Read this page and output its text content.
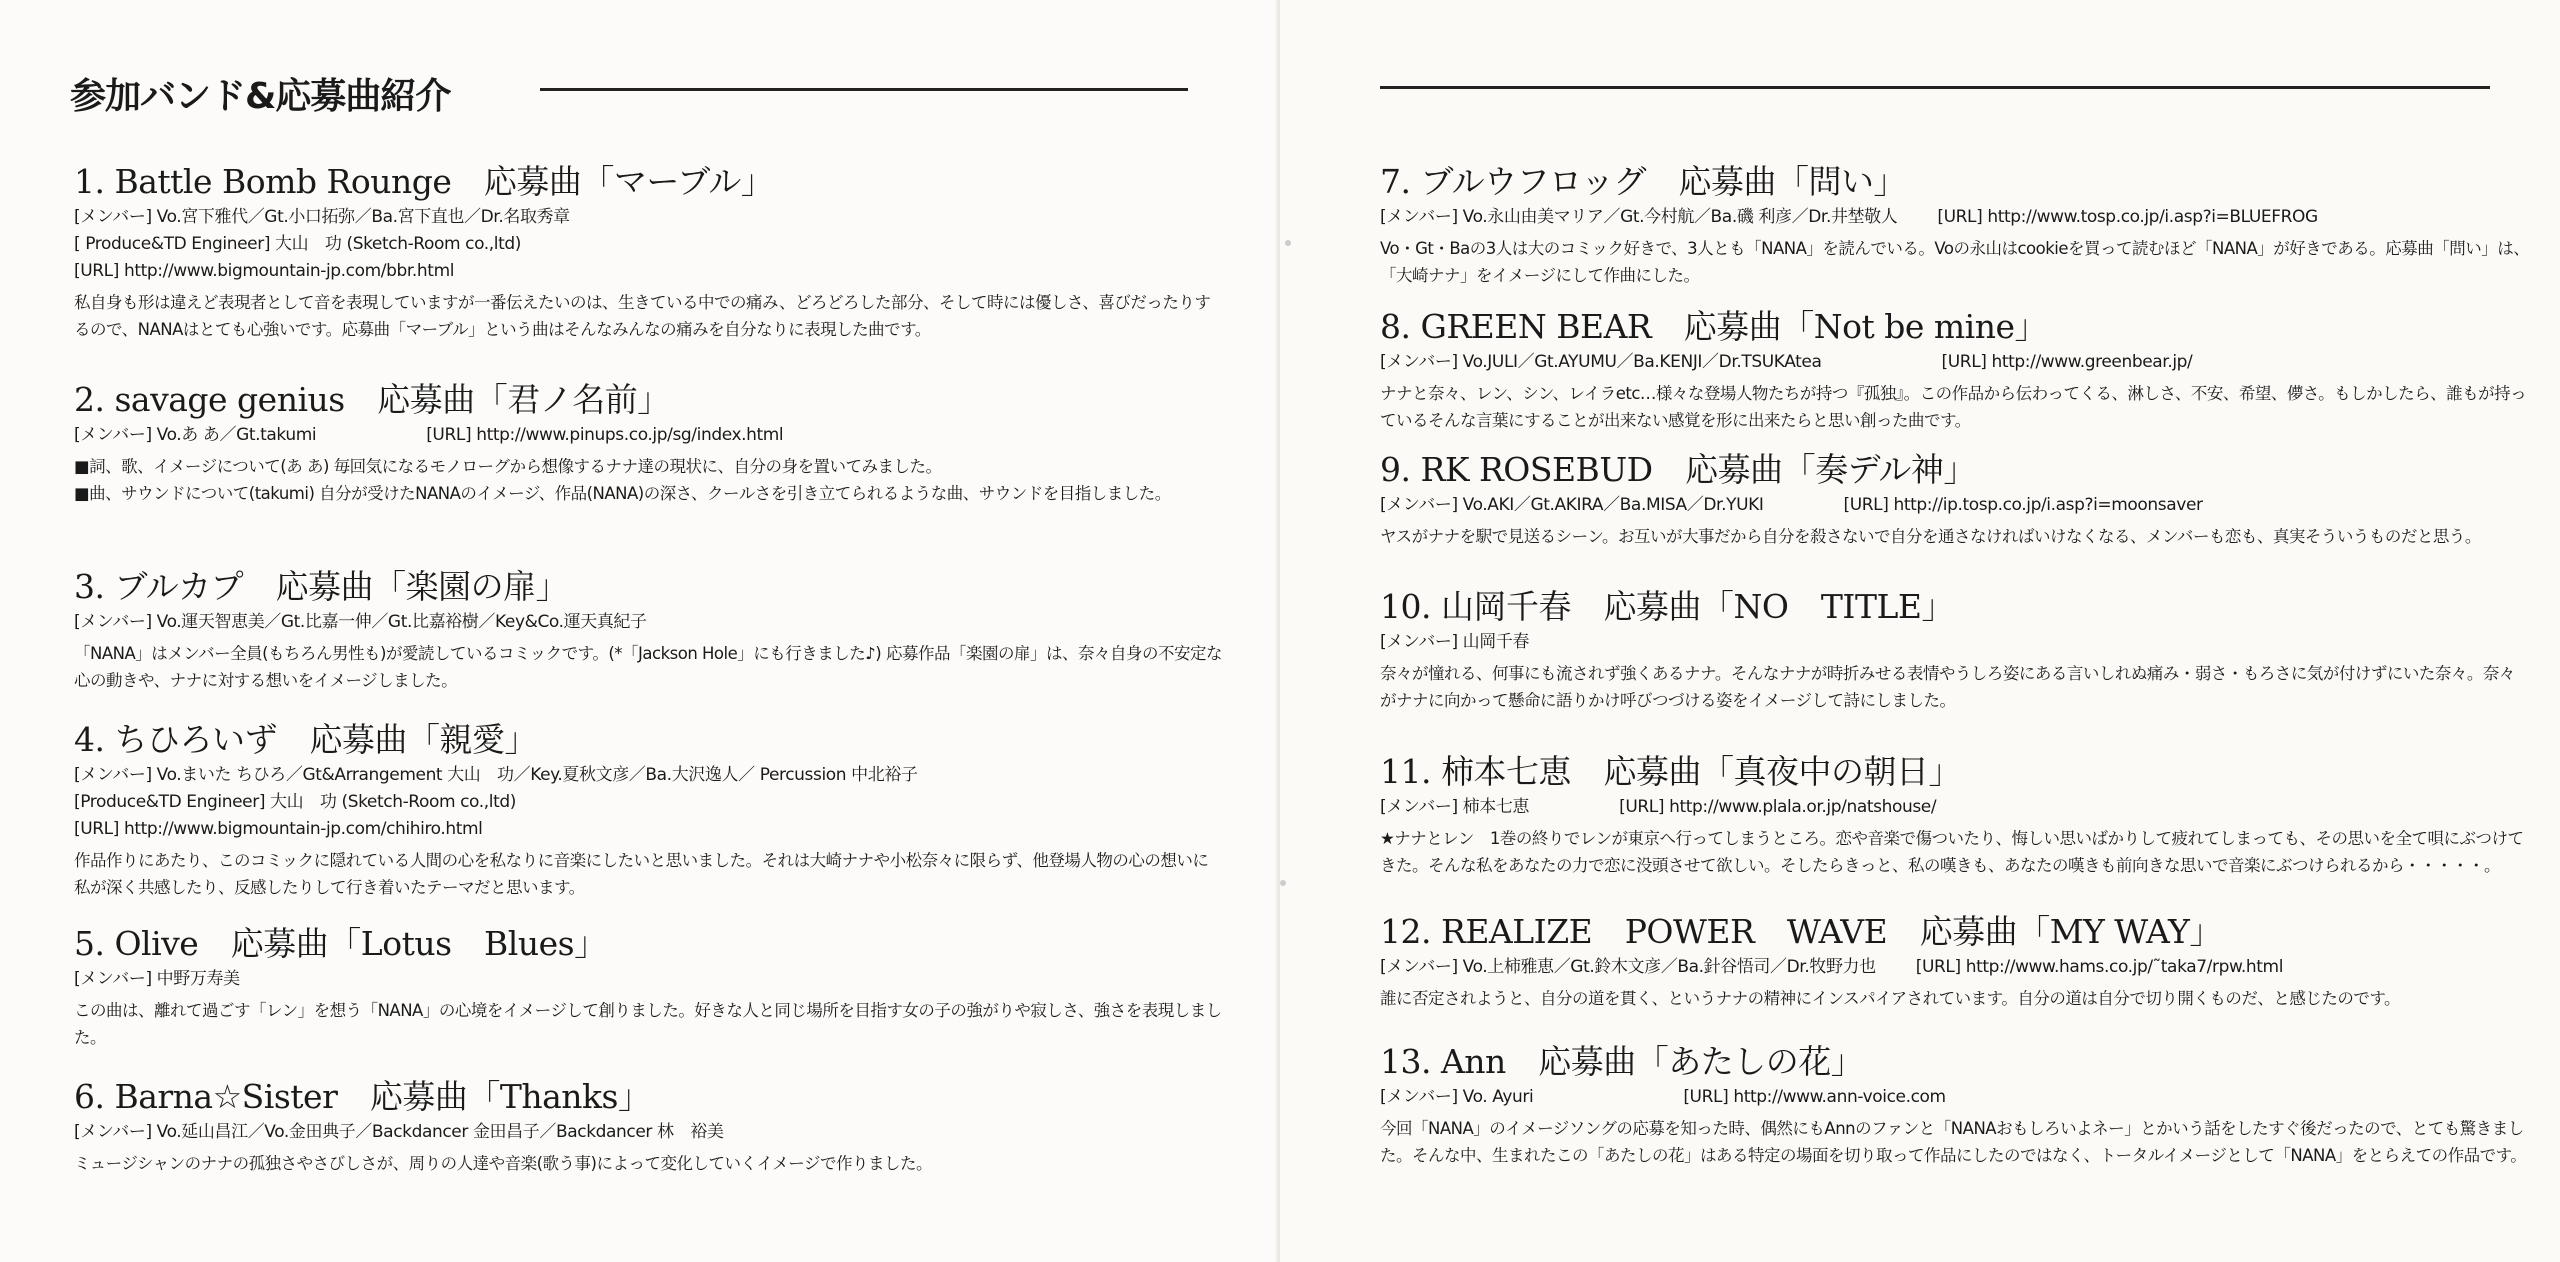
参加バンド&応募曲紹介
1. Battle Bomb Rounge　応募曲「マーブル」
[メンバー] Vo.宮下雅代／Gt.小口拓弥／Ba.宮下直也／Dr.名取秀章
[ Produce&TD Engineer] 大山　功 (Sketch-Room co.,ltd)
[URL] http://www.bigmountain-jp.com/bbr.html
私自身も形は違えど表現者として音を表現していますが一番伝えたいのは、生きている中での痛み、どろどろした部分、そして時には優しさ、喜びだったりするので、NANAはとても心強いです。応募曲「マーブル」という曲はそんなみんなの痛みを自分なりに表現した曲です。
2. savage genius　応募曲「君ノ名前」
[メンバー] Vo.あ あ／Gt.takumi	[URL] http://www.pinups.co.jp/sg/index.html
■詞、歌、イメージについて(あ あ) 毎回気になるモノローグから想像するナナ達の現状に、自分の身を置いてみました。
■曲、サウンドについて(takumi) 自分が受けたNANAのイメージ、作品(NANA)の深さ、クールさを引き立てられるような曲、サウンドを目指しました。
3. ブルカプ　応募曲「楽園の扉」
[メンバー] Vo.運天智恵美／Gt.比嘉一伸／Gt.比嘉裕樹／Key&Co.運天真紀子
「NANA」はメンバー全員(もちろん男性も)が愛読しているコミックです。(*「Jackson Hole」にも行きました♪) 応募作品「楽園の扉」は、奈々自身の不安定な心の動きや、ナナに対する想いをイメージしました。
4. ちひろいず　応募曲「親愛」
[メンバー] Vo.まいた ちひろ／Gt&Arrangement 大山　功／Key.夏秋文彦／Ba.大沢逸人／ Percussion 中北裕子
[Produce&TD Engineer] 大山　功 (Sketch-Room co.,ltd)
[URL] http://www.bigmountain-jp.com/chihiro.html
作品作りにあたり、このコミックに隠れている人間の心を私なりに音楽にしたいと思いました。それは大崎ナナや小松奈々に限らず、他登場人物の心の想いに私が深く共感したり、反感したりして行き着いたテーマだと思います。
5. Olive　応募曲「Lotus　Blues」
[メンバー] 中野万寿美
この曲は、離れて過ごす「レン」を想う「NANA」の心境をイメージして創りました。好きな人と同じ場所を目指す女の子の強がりや寂しさ、強さを表現しました。
6. Barna☆Sister　応募曲「Thanks」
[メンバー] Vo.延山昌江／Vo.金田典子／Backdancer 金田昌子／Backdancer 林　裕美
ミュージシャンのナナの孤独さやさびしさが、周りの人達や音楽(歌う事)によって変化していくイメージで作りました。
7. ブルウフロッグ　応募曲「問い」
[メンバー] Vo.永山由美マリア／Gt.今村航／Ba.磯 利彦／Dr.井埜敬人 [URL] http://www.tosp.co.jp/i.asp?i=BLUEFROG
Vo・Gt・Baの3人は大のコミック好きで、3人とも「NANA」を読んでいる。Voの永山はcookieを買って読むほど「NANA」が好きである。応募曲「問い」は、「大崎ナナ」をイメージにして作曲にした。
8. GREEN BEAR　応募曲「Not be mine」
[メンバー] Vo.JULI／Gt.AYUMU／Ba.KENJI／Dr.TSUKAtea	[URL] http://www.greenbear.jp/
ナナと奈々、レン、シン、レイラetc…様々な登場人物たちが持つ『孤独』。この作品から伝わってくる、淋しさ、不安、希望、儚さ。もしかしたら、誰もが持っているそんな言葉にすることが出来ない感覚を形に出来たらと思い創った曲です。
9. RK ROSEBUD　応募曲「奏デル神」
[メンバー] Vo.AKI／Gt.AKIRA／Ba.MISA／Dr.YUKI	[URL] http://ip.tosp.co.jp/i.asp?i=moonsaver
ヤスがナナを駅で見送るシーン。お互いが大事だから自分を殺さないで自分を通さなければいけなくなる、メンバーも恋も、真実そういうものだと思う。
10. 山岡千春　応募曲「NO　TITLE」
[メンバー] 山岡千春
奈々が憧れる、何事にも流されず強くあるナナ。そんなナナが時折みせる表情やうしろ姿にある言いしれぬ痛み・弱さ・もろさに気が付けずにいた奈々。奈々がナナに向かって懸命に語りかけ呼びつづける姿をイメージして詩にしました。
11. 柿本七恵　応募曲「真夜中の朝日」
[メンバー] 柿本七恵	[URL] http://www.plala.or.jp/natshouse/
★ナナとレン　1巻の終りでレンが東京へ行ってしまうところ。恋や音楽で傷ついたり、悔しい思いばかりして疲れてしまっても、その思いを全て唄にぶつけてきた。そんな私をあなたの力で恋に没頭させて欲しい。そしたらきっと、私の嘆きも、あなたの嘆きも前向きな思いで音楽にぶつけられるから・・・・・。
12. REALIZE　POWER　WAVE　応募曲「MY WAY」
[メンバー] Vo.上柿雅恵／Gt.鈴木文彦／Ba.針谷悟司／Dr.牧野力也 [URL] http://www.hams.co.jp/˜taka7/rpw.html
誰に否定されようと、自分の道を貫く、というナナの精神にインスパイアされています。自分の道は自分で切り開くものだ、と感じたのです。
13. Ann　応募曲「あたしの花」
[メンバー] Vo. Ayuri	[URL] http://www.ann-voice.com
今回「NANA」のイメージソングの応募を知った時、偶然にもAnnのファンと「NANAおもしろいよネー」とかいう話をしたすぐ後だったので、とても驚きました。そんな中、生まれたこの「あたしの花」はある特定の場面を切り取って作品にしたのではなく、トータルイメージとして「NANA」をとらえての作品です。
